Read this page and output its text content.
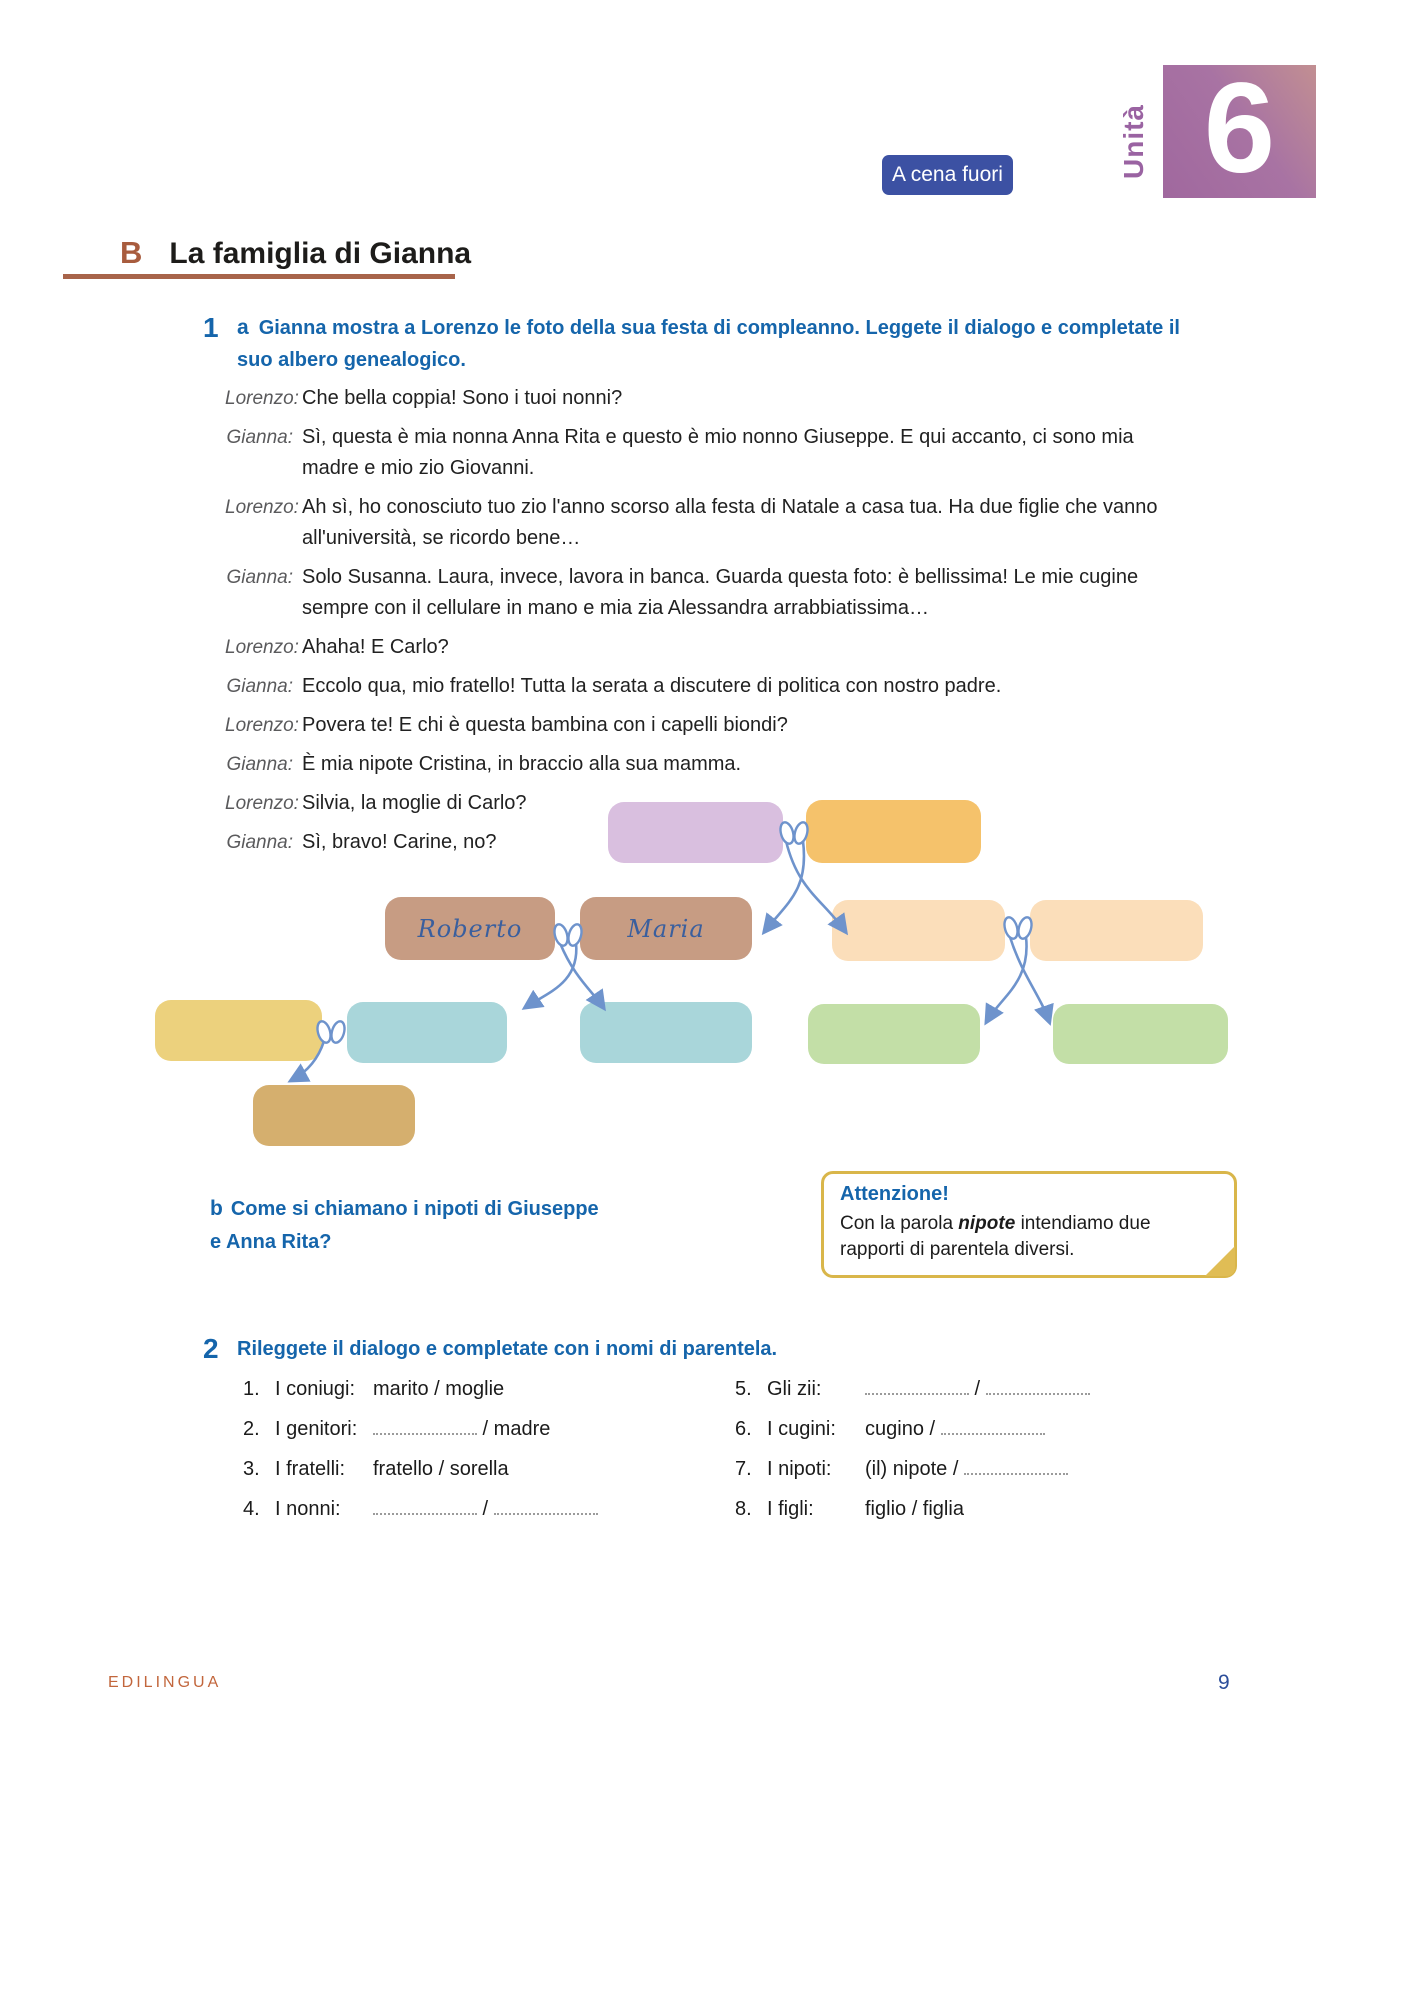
A cena fuori	Unità 6
B La famiglia di Gianna
1 a Gianna mostra a Lorenzo le foto della sua festa di compleanno. Leggete il dialogo e completate il suo albero genealogico.
Lorenzo: Che bella coppia! Sono i tuoi nonni?
Gianna: Sì, questa è mia nonna Anna Rita e questo è mio nonno Giuseppe. E qui accanto, ci sono mia madre e mio zio Giovanni.
Lorenzo: Ah sì, ho conosciuto tuo zio l'anno scorso alla festa di Natale a casa tua. Ha due figlie che vanno all'università, se ricordo bene…
Gianna: Solo Susanna. Laura, invece, lavora in banca. Guarda questa foto: è bellissima! Le mie cugine sempre con il cellulare in mano e mia zia Alessandra arrabbiatissima…
Lorenzo: Ahaha! E Carlo?
Gianna: Eccolo qua, mio fratello! Tutta la serata a discutere di politica con nostro padre.
Lorenzo: Povera te! E chi è questa bambina con i capelli biondi?
Gianna: È mia nipote Cristina, in braccio alla sua mamma.
Lorenzo: Silvia, la moglie di Carlo?
Gianna: Sì, bravo! Carine, no?
Roberto	Maria
b Come si chiamano i nipoti di Giuseppe e Anna Rita?
Attenzione!
Con la parola nipote intendiamo due rapporti di parentela diversi.
2 Rileggete il dialogo e completate con i nomi di parentela.
1. I coniugi: marito / moglie
2. I genitori:	/ madre
3. I fratelli:	fratello / sorella
4. I nonni:	/
5. Gli zii:	/
6. I cugini:	cugino /
7. I nipoti:	(il) nipote /
8. I figli:	figlio / figlia
EDILINGUA	9
